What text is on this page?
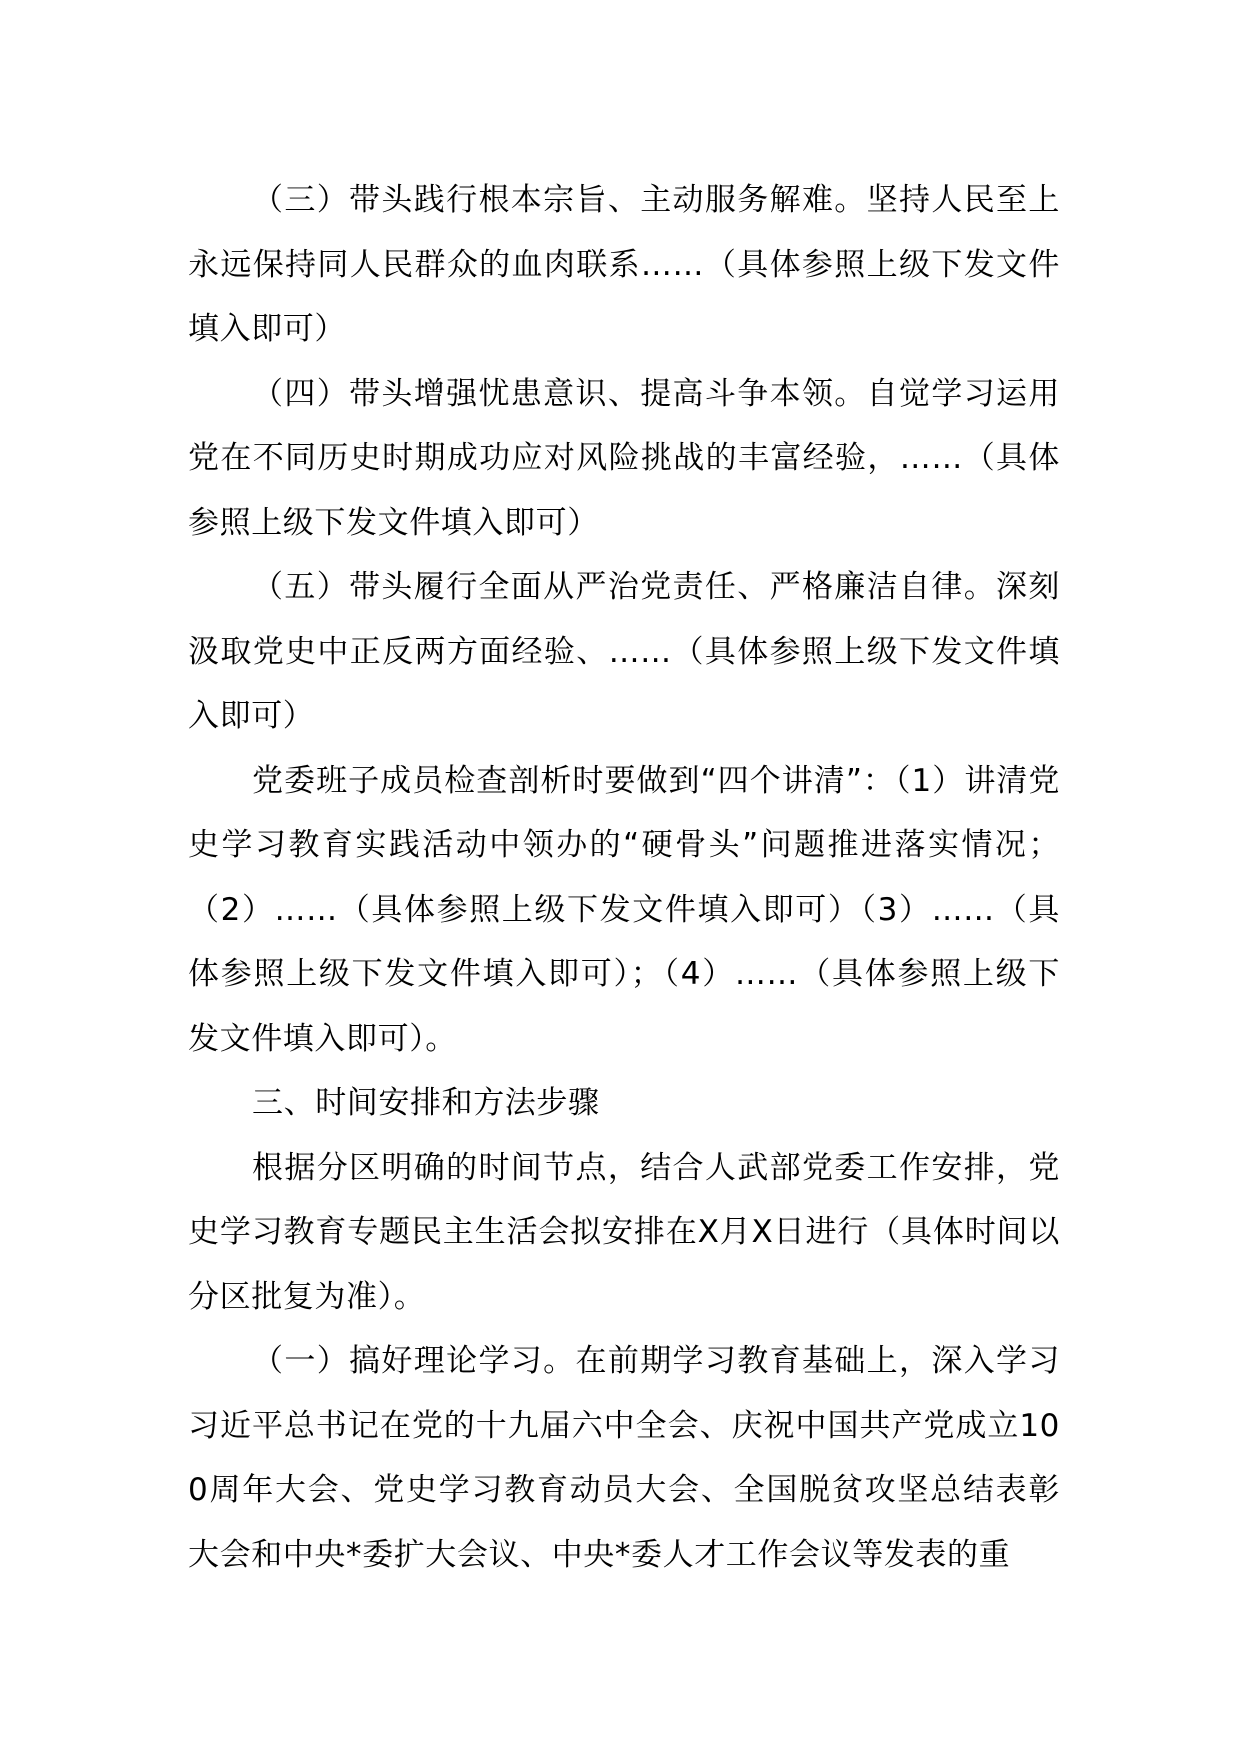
（三）带头践行根本宗旨、主动服务解难。坚持人民至上永远保持同人民群众的血肉联系……（具体参照上级下发文件填入即可）

（四）带头增强忧患意识、提高斗争本领。自觉学习运用党在不同历史时期成功应对风险挑战的丰富经验，……（具体参照上级下发文件填入即可）

（五）带头履行全面从严治党责任、严格廉洁自律。深刻汲取党史中正反两方面经验、……（具体参照上级下发文件填入即可）

党委班子成员检查剖析时要做到“四个讲清”：（1）讲清党史学习教育实践活动中领办的“硬骨头”问题推进落实情况；（2）……（具体参照上级下发文件填入即可）（3）……（具体参照上级下发文件填入即可）；（4）……（具体参照上级下发文件填入即可）。

三、时间安排和方法步骤

根据分区明确的时间节点，结合人武部党委工作安排，党史学习教育专题民主生活会拟安排在X月X日进行（具体时间以分区批复为准）。

（一）搞好理论学习。在前期学习教育基础上，深入学习习近平总书记在党的十九届六中全会、庆祝中国共产党成立100周年大会、党史学习教育动员大会、全国脱贫攻坚总结表彰大会和中央*委扩大会议、中央*委人才工作会议等发表的重
